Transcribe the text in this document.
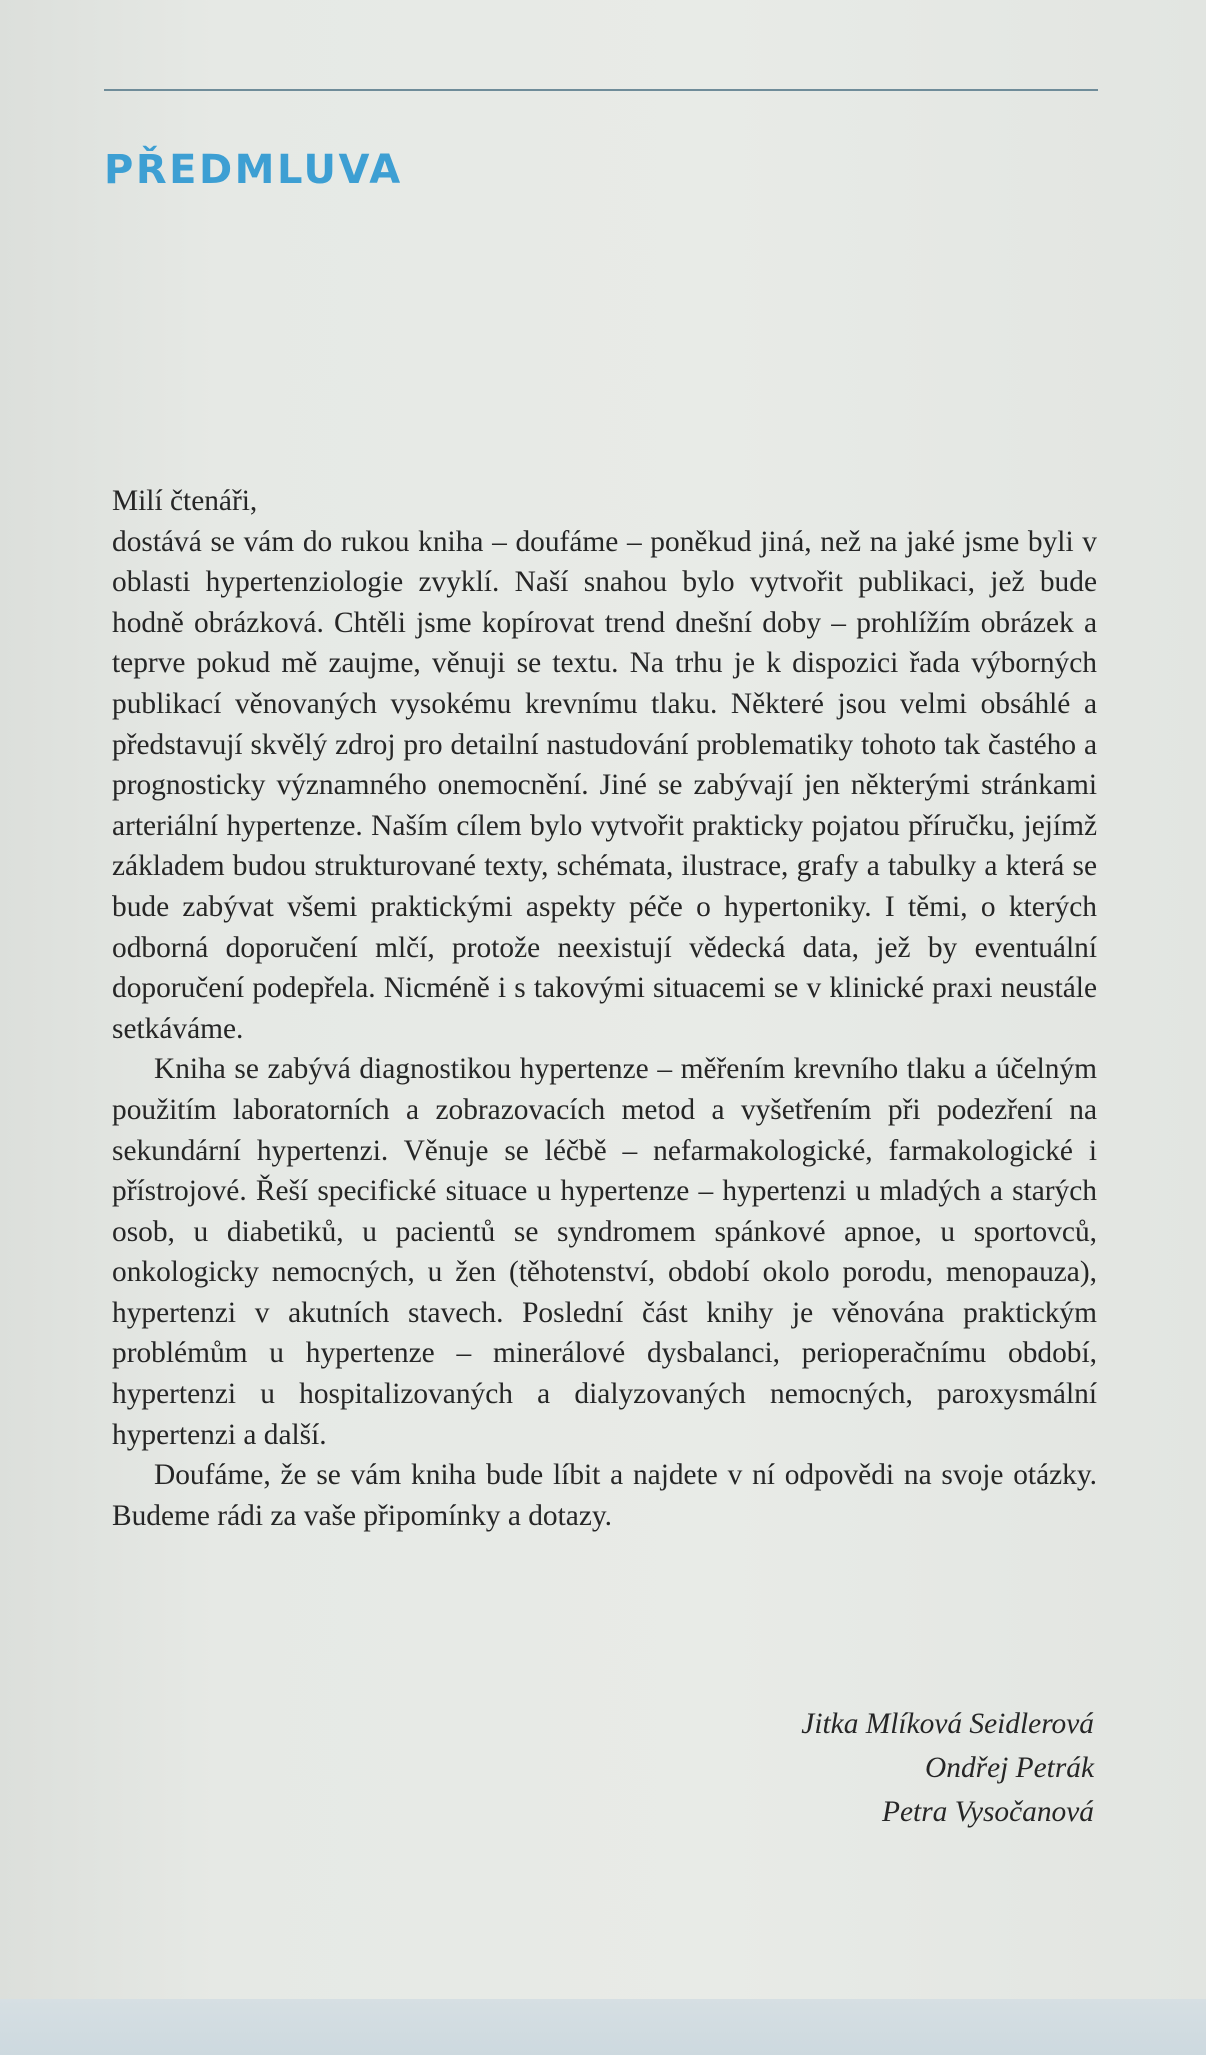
PŘEDMLUVA

Milí čtenáři,

dostává se vám do rukou kniha – doufáme – poněkud jiná, než na jaké jsme byli v oblasti hypertenziologie zvyklí. Naší snahou bylo vytvořit publikaci, jež bude hodně obrázková. Chtěli jsme kopírovat trend dnešní doby – prohlížím obrázek a teprve pokud mě zaujme, věnuji se textu. Na trhu je k dispozici řada výborných publikací věnovaných vysokému krevnímu tlaku. Některé jsou velmi obsáhlé a představují skvělý zdroj pro detailní nastudování problematiky tohoto tak častého a prognosticky významného onemocnění. Jiné se zabývají jen některými stránkami arteriální hypertenze. Naším cílem bylo vytvořit prakticky pojatou příručku, jejímž základem budou strukturované texty, schémata, ilustrace, grafy a tabulky a která se bude zabývat všemi praktickými aspekty péče o hypertoniky. I těmi, o kterých odborná doporučení mlčí, protože neexistují vědecká data, jež by eventuální doporučení podepřela. Nicméně i s takovými situacemi se v klinické praxi neustále setkáváme.

Kniha se zabývá diagnostikou hypertenze – měřením krevního tlaku a účelným použitím laboratorních a zobrazovacích metod a vyšetřením při podezření na sekundární hypertenzi. Věnuje se léčbě – nefarmakologické, farmakologické i přístrojové. Řeší specifické situace u hypertenze – hypertenzi u mladých a starých osob, u diabetiků, u pacientů se syndromem spánkové apnoe, u sportovců, onkologicky nemocných, u žen (těhotenství, období okolo porodu, menopauza), hypertenzi v akutních stavech. Poslední část knihy je věnována praktickým problémům u hypertenze – minerálové dysbalanci, perioperačnímu období, hypertenzi u hospitalizovaných a dialyzovaných nemocných, paroxysmální hypertenzi a další.

Doufáme, že se vám kniha bude líbit a najdete v ní odpovědi na svoje otázky. Budeme rádi za vaše připomínky a dotazy.

Jitka Mlíková Seidlerová
Ondřej Petrák
Petra Vysočanová
